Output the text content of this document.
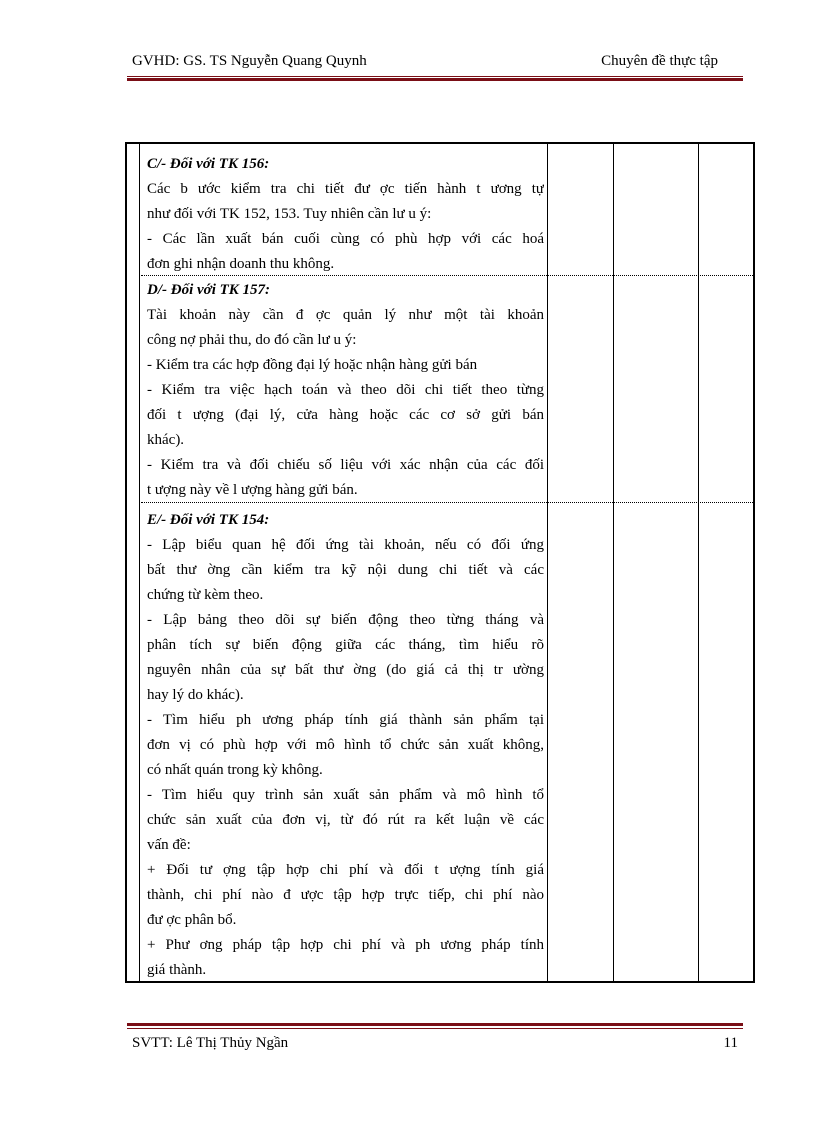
GVHD: GS. TS Nguyễn Quang Quynh	Chuyên đề thực tập
C/- Đối với TK 156:
Các b ước kiểm tra chi tiết đư ợc tiến hành t ương tự
như đối với TK 152, 153. Tuy nhiên cần lư u ý:
- Các lần xuất bán cuối cùng có phù hợp với các hoá
đơn ghi nhận doanh thu không.
D/- Đối với TK 157:
Tài khoản này cần đ ợc quản lý như một tài khoản
công nợ phải thu, do đó cần lư u ý:
- Kiểm tra các hợp đồng đại lý hoặc nhận hàng gửi bán
- Kiểm tra việc hạch toán và theo dõi chi tiết theo từng
đối t ượng (đại lý, cửa hàng hoặc các cơ sở gửi bán
khác).
- Kiểm tra và đối chiếu số liệu với xác nhận của các đối
t ượng này về l ượng hàng gửi bán.
E/- Đối với TK 154:
- Lập biểu quan hệ đối ứng tài khoản, nếu có đối ứng
bất thư ờng cần kiểm tra kỹ nội dung chi tiết và các
chứng từ kèm theo.
- Lập bảng theo dõi sự biến động theo từng tháng và
phân tích sự biến động giữa các tháng, tìm hiểu rõ
nguyên nhân của sự bất thư ờng (do giá cả thị tr ường
hay lý do khác).
- Tìm hiểu ph ương pháp tính giá thành sản phẩm tại
đơn vị có phù hợp với mô hình tổ chức sản xuất không,
có nhất quán trong kỳ không.
- Tìm hiểu quy trình sản xuất sản phẩm và mô hình tổ
chức sản xuất của đơn vị, từ đó rút ra kết luận về các
vấn đề:
+ Đối tư ợng tập hợp chi phí và đối t ượng tính giá
thành, chi phí nào đ ược tập hợp trực tiếp, chi phí nào
đư ợc phân bổ.
+ Phư ơng pháp tập hợp chi phí và ph ương pháp tính
giá thành.
SVTT: Lê Thị Thủy Ngần	11
